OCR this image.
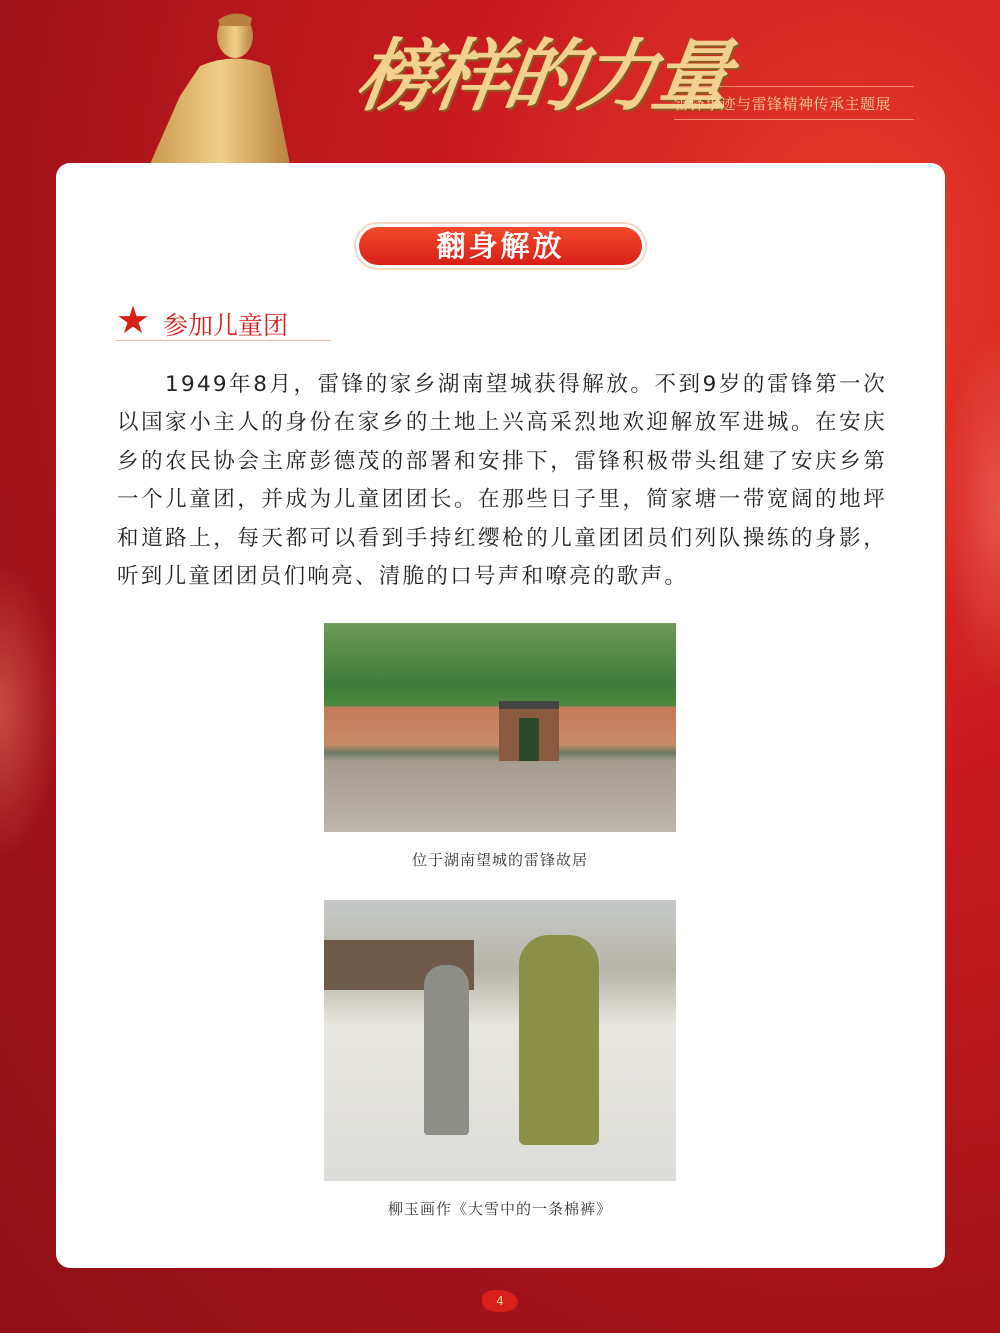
榜样的力量
雷锋事迹与雷锋精神传承主题展
翻身解放
★ 参加儿童团

1949年8月，雷锋的家乡湖南望城获得解放。不到9岁的雷锋第一次以国家小主人的身份在家乡的土地上兴高采烈地欢迎解放军进城。在安庆乡的农民协会主席彭德茂的部署和安排下，雷锋积极带头组建了安庆乡第一个儿童团，并成为儿童团团长。在那些日子里，简家塘一带宽阔的地坪和道路上，每天都可以看到手持红缨枪的儿童团团员们列队操练的身影，听到儿童团团员们响亮、清脆的口号声和嘹亮的歌声。

位于湖南望城的雷锋故居
柳玉画作《大雪中的一条棉裤》
4
